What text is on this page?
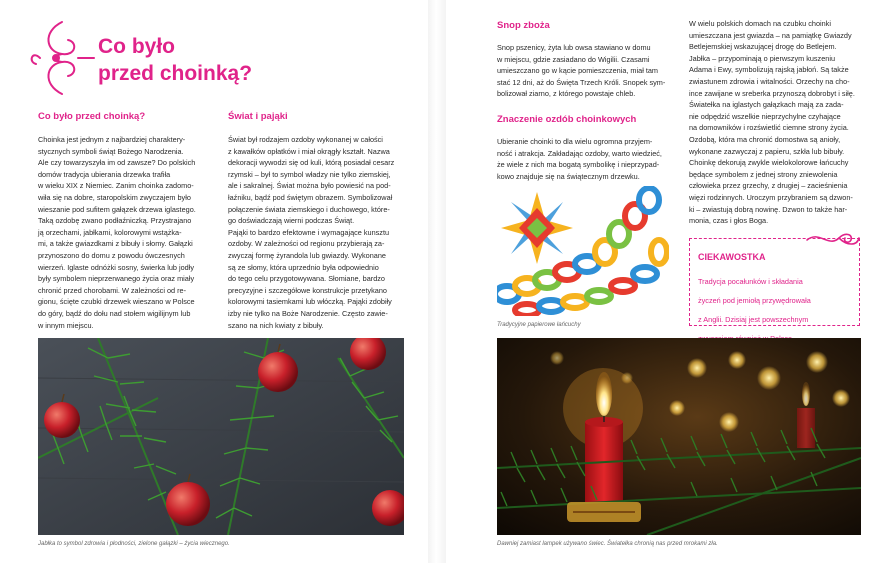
Co było
przed choinką?
Co było przed choinką?

Choinka jest jednym z najbardziej charaktery-

stycznych symboli świąt Bożego Narodzenia.

Ale czy towarzyszyła im od zawsze? Do polskich

domów tradycja ubierania drzewka trafiła

w wieku XIX z Niemiec. Zanim choinka zadomo-

wiła się na dobre, staropolskim zwyczajem było

wieszanie pod sufitem gałązek drzewa iglastego.

Taką ozdobę zwano podłaźniczką. Przystrajano

ją orzechami, jabłkami, kolorowymi wstążka-

mi, a także gwiazdkami z bibuły i słomy. Gałązki

przynoszono do domu z powodu ówczesnych

wierzeń. Iglaste odnóżki sosny, świerka lub jodły

były symbolem nieprzerwanego życia oraz miały

chronić przed chorobami. W zależności od re-

gionu, ścięte czubki drzewek wieszano w Polsce

do góry, bądź do dołu nad stołem wigilijnym lub

w innym miejscu.

Świat i pająki

Świat był rodzajem ozdoby wykonanej w całości

z kawałków opłatków i miał okrągły kształt. Nazwa

dekoracji wywodzi się od kuli, którą posiadał cesarz

rzymski – był to symbol władzy nie tylko ziemskiej,

ale i sakralnej. Świat można było powiesić na pod-

łaźniku, bądź pod świętym obrazem. Symbolizował

połączenie świata ziemskiego i duchowego, które-

go doświadczają wierni podczas Świąt.

Pająki to bardzo efektowne i wymagające kunsztu

ozdoby. W zależności od regionu przybierają za-

zwyczaj formę żyrandola lub gwiazdy. Wykonane

są ze słomy, która uprzednio była odpowiednio

do tego celu przygotowywana. Słomiane, bardzo

precyzyjne i szczegółowe konstrukcje przetykano

kolorowymi tasiemkami lub włóczką. Pająki zdobiły

izby nie tylko na Boże Narodzenie. Często zawie-

szano na nich kwiaty z bibuły.

Snop zboża

Snop pszenicy, żyta lub owsa stawiano w domu

w miejscu, gdzie zasiadano do Wigilii. Czasami

umieszczano go w kącie pomieszczenia, miał tam

stać 12 dni, aż do Święta Trzech Króli. Snopek sym-

bolizował ziarno, z którego powstaje chleb.

Znaczenie ozdób choinkowych

Ubieranie choinki to dla wielu ogromna przyjem-

ność i atrakcja. Zakładając ozdoby, warto wiedzieć,

że wiele z nich ma bogatą symbolikę i nieprzypad-

kowo znajduje się na świątecznym drzewku.

W wielu polskich domach na czubku choinki

umieszczana jest gwiazda – na pamiątkę Gwiazdy

Betlejemskiej wskazującej drogę do Betlejem.

Jabłka – przypominają o pierwszym kuszeniu

Adama i Ewy, symbolizują rajską jabłoń. Są także

zwiastunem zdrowia i witalności. Orzechy na cho-

ince zawijane w sreberka przynoszą dobrobyt i siłę.

Światełka na iglastych gałązkach mają za zada-

nie odpędzić wszelkie nieprzychylne czyhające

na domowników i rozświetlić ciemne strony życia.

Ozdobą, która ma chronić domostwa są anioły,

wykonane zazwyczaj z papieru, szkła lub bibuły.

Choinkę dekorują zwykle wielokolorowe łańcuchy

będące symbolem z jednej strony zniewolenia

człowieka przez grzechy, z drugiej – zacieśnienia

więzi rodzinnych. Uroczym przybraniem są dzwon-

ki – zwiastują dobrą nowinę. Dzwon to także har-

monia, czas i głos Boga.

Tradycyjne papierowe łańcuchy
CIEKAWOSTKA

Tradycja pocałunków i składania

życzeń pod jemiołą przywędrowała

z Anglii. Dzisiaj jest powszechnym

Jabłka to symbol zdrowia i płodności, zielone gałązki – życia wiecznego.	Dawniej zamiast lampek używano świec. Światełka chronią nas przed mrokami zła.
